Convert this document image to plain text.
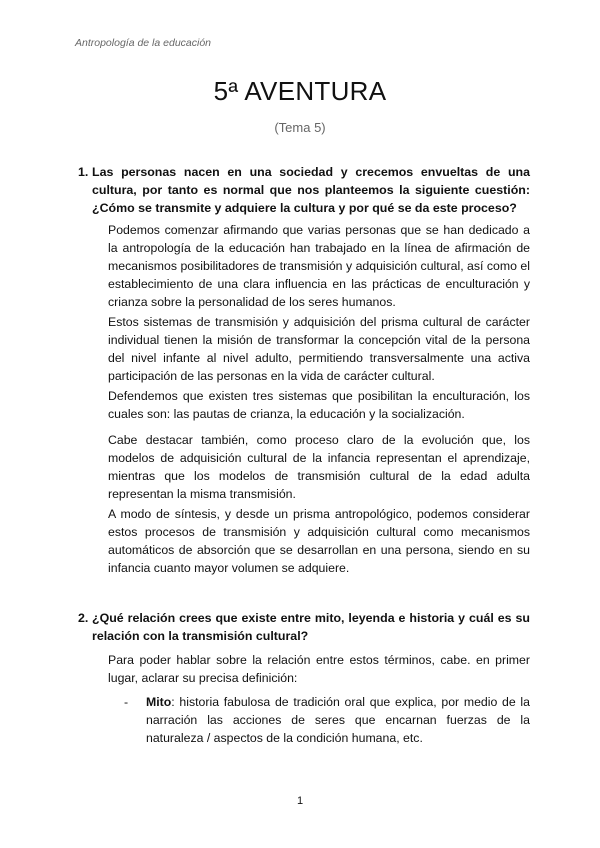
Antropología de la educación
5ª AVENTURA
(Tema 5)
1. Las personas nacen en una sociedad y crecemos envueltas de una cultura, por tanto es normal que nos planteemos la siguiente cuestión: ¿Cómo se transmite y adquiere la cultura y por qué se da este proceso?

Podemos comenzar afirmando que varias personas que se han dedicado a la antropología de la educación han trabajado en la línea de afirmación de mecanismos posibilitadores de transmisión y adquisición cultural, así como el establecimiento de una clara influencia en las prácticas de enculturación y crianza sobre la personalidad de los seres humanos.

Estos sistemas de transmisión y adquisición del prisma cultural de carácter individual tienen la misión de transformar la concepción vital de la persona del nivel infante al nivel adulto, permitiendo transversalmente una activa participación de las personas en la vida de carácter cultural.

Defendemos que existen tres sistemas que posibilitan la enculturación, los cuales son: las pautas de crianza, la educación y la socialización.

Cabe destacar también, como proceso claro de la evolución que, los modelos de adquisición cultural de la infancia representan el aprendizaje, mientras que los modelos de transmisión cultural de la edad adulta representan la misma transmisión.

A modo de síntesis, y desde un prisma antropológico, podemos considerar estos procesos de transmisión y adquisición cultural como mecanismos automáticos de absorción que se desarrollan en una persona, siendo en su infancia cuanto mayor volumen se adquiere.

2. ¿Qué relación crees que existe entre mito, leyenda e historia y cuál es su relación con la transmisión cultural?

Para poder hablar sobre la relación entre estos términos, cabe. en primer lugar, aclarar su precisa definición:

- Mito: historia fabulosa de tradición oral que explica, por medio de la narración las acciones de seres que encarnan fuerzas de la naturaleza / aspectos de la condición humana, etc.
1
